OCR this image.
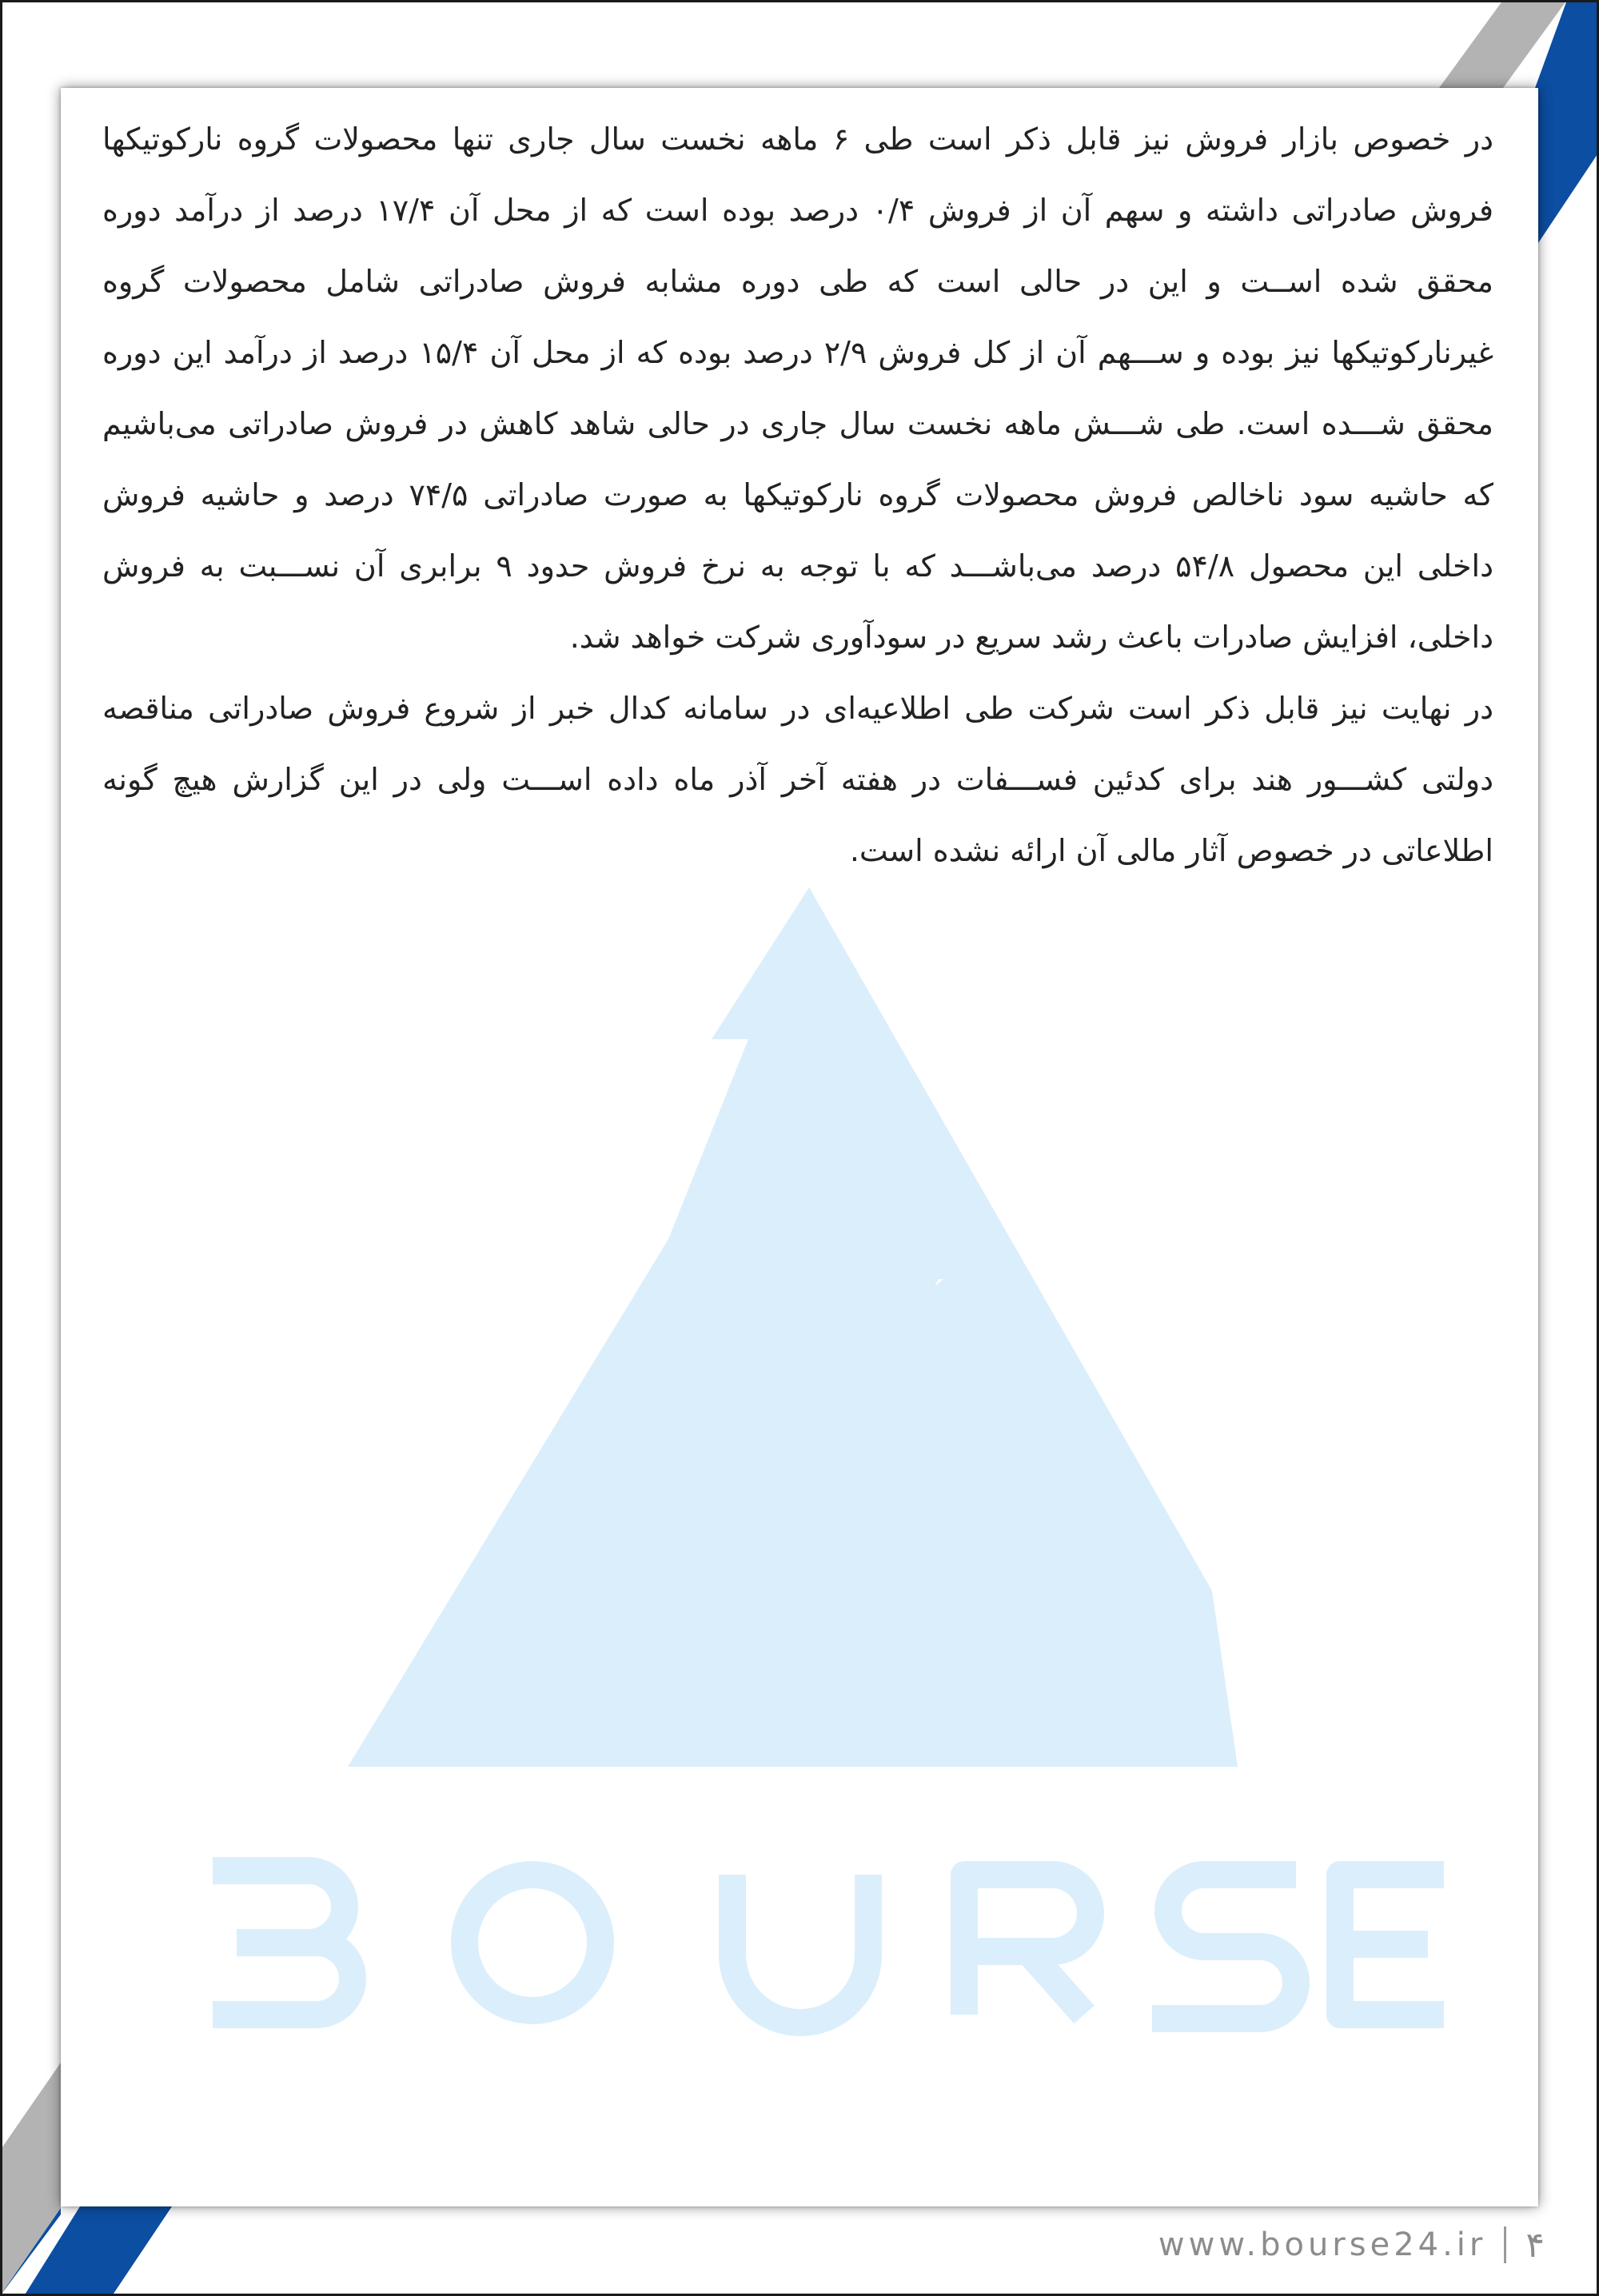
در خصوص بازار فروش نیز قابل ذکر است طی ۶ ماهه نخست سال جاری تنها محصولات گروه نارکوتیکها فروش صادراتی داشته و سهم آن از فروش ۰/۴ درصد بوده است که از محل آن ۱۷/۴ درصد از درآمد دوره محقق شده اســت و این در حالی است که طی دوره مشابه فروش صادراتی شامل محصولات گروه غیرنارکوتیکها نیز بوده و ســـهم آن از کل فروش ۲/۹ درصد بوده که از محل آن ۱۵/۴ درصد از درآمد این دوره محقق شـــده است. طی شـــش ماهه نخست سال جاری در حالی شاهد کاهش در فروش صادراتی می‌باشیم که حاشیه سود ناخالص فروش محصولات گروه نارکوتیکها به صورت صادراتی ۷۴/۵ درصد و حاشیه فروش داخلی این محصول ۵۴/۸ درصد می‌باشـــد که با توجه به نرخ فروش حدود ۹ برابری آن نســـبت به فروش داخلی، افزایش صادرات باعث رشد سریع در سودآوری شرکت خواهد شد.

در نهایت نیز قابل ذکر است شرکت طی اطلاعیه‌ای در سامانه کدال خبر از شروع فروش صادراتی مناقصه دولتی کشـــور هند برای کدئین فســـفات در هفته آخر آذر ماه داده اســـت ولی در این گزارش هیچ گونه اطلاعاتی در خصوص آثار مالی آن ارائه نشده است.

www.bourse24.ir ۴
